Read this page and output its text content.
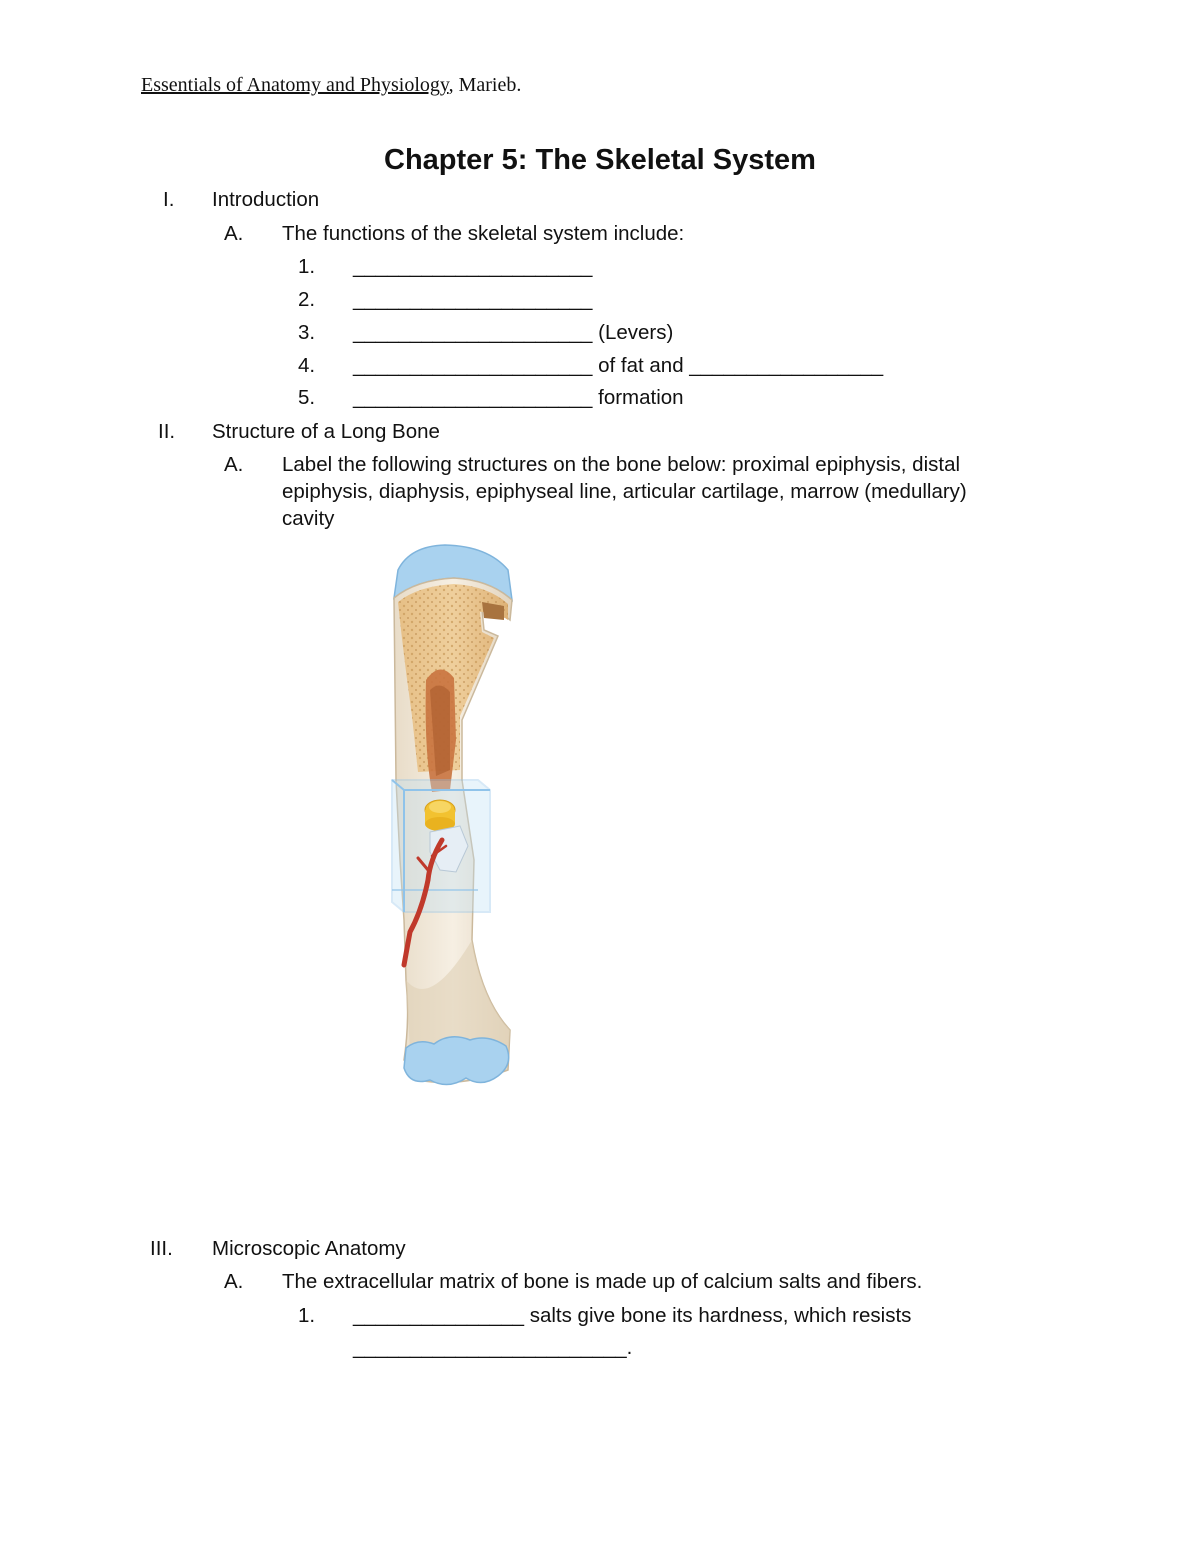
Essentials of Anatomy and Physiology, Marieb.
Chapter 5: The Skeletal System
I. Introduction
A. The functions of the skeletal system include:
1. _____________________
2. _____________________
3. _____________________ (Levers)
4. _____________________ of fat and _________________
5. _____________________ formation
II. Structure of a Long Bone
A. Label the following structures on the bone below: proximal epiphysis, distal epiphysis, diaphysis, epiphyseal line, articular cartilage, marrow (medullary) cavity
III. Microscopic Anatomy
A. The extracellular matrix of bone is made up of calcium salts and fibers.
1. _______________ salts give bone its hardness, which resists
________________________.
